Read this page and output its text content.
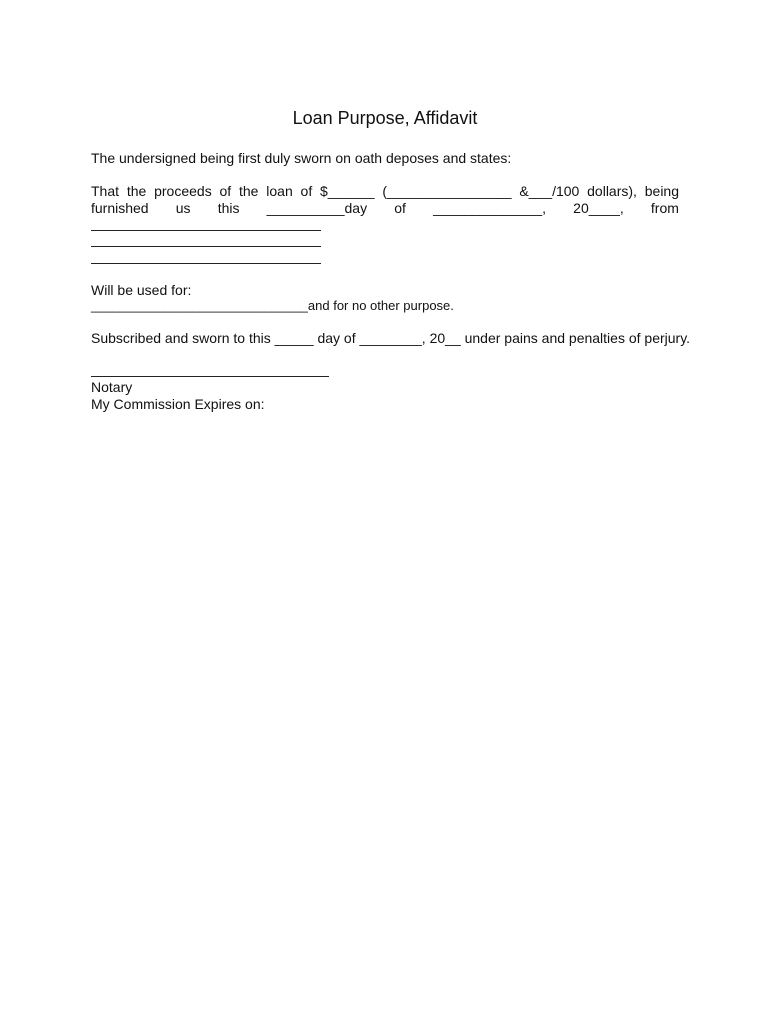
Loan Purpose, Affidavit
The undersigned being first duly sworn on oath deposes and states:
That the proceeds of the loan of $______ (________________ &___/100 dollars), being
furnished us this __________day of ______________, 20____, from
Will be used for:
______________________________and for no other purpose.
Subscribed and sworn to this _____ day of ________, 20__ under pains and penalties of perjury.
Notary
My Commission Expires on:
